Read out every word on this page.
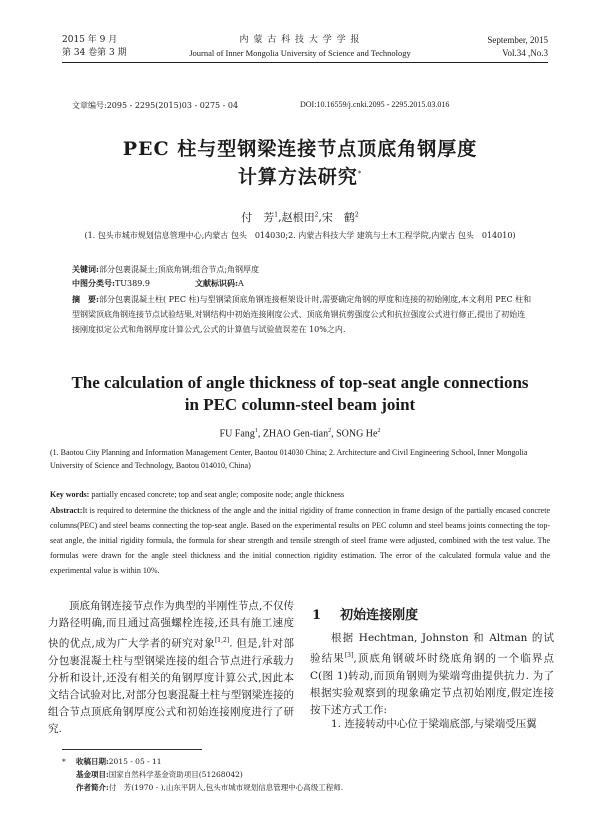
2015 年 9 月
第 34 卷第 3 期
内 蒙 古 科 技 大 学 学 报
Journal of Inner Mongolia University of Science and Technology
September, 2015
Vol.34 ,No.3
文章编号:2095 - 2295(2015)03 - 0275 - 04	DOI:10.16559/j.cnki.2095 - 2295.2015.03.016
PEC 柱与型钢梁连接节点顶底角钢厚度
计算方法研究*
付　芳$^1$,赵根田$^2$,宋　鹤$^2$
(1. 包头市城市规划信息管理中心,内蒙古 包头　014030;2. 内蒙古科技大学 建筑与土木工程学院,内蒙古 包头　014010)
关键词:部分包裹混凝土;顶底角钢;组合节点;角钢厚度
中图分类号:TU389.9	文献标识码:A
摘　要:部分包裹混凝土柱( PEC 柱)与型钢梁顶底角钢连接框架设计时,需要确定角钢的厚度和连接的初始刚度,本文利用 PEC 柱和型钢梁顶底角钢连接节点试验结果,对钢结构中初始连接刚度公式、顶底角钢抗剪强度公式和抗拉强度公式进行修正,提出了初始连接刚度拟定公式和角钢厚度计算公式,公式的计算值与试验值误差在 10%之内.
The calculation of angle thickness of top-seat angle connections
in PEC column-steel beam joint
FU Fang$^1$, ZHAO Gen-tian$^2$, SONG He$^2$
(1. Baotou City Planning and Information Management Center, Baotou 014030 China; 2. Architecture and Civil Engineering School, Inner Mongolia University of Science and Technology, Baotou 014010, China)
Key words: partially encased concrete; top and seat angle; composite node; angle thickness
Abstract:It is required to determine the thickness of the angle and the initial rigidity of frame connection in frame design of the partially encased concrete columns(PEC) and steel beams connecting the top-seat angle. Based on the experimental results on PEC column and steel beams joints connecting the top-seat angle, the initial rigidity formula, the formula for shear strength and tensile strength of steel frame were adjusted, combined with the test value. The formulas were drawn for the angle steel thickness and the initial connection rigidity estimation. The error of the calculated formula value and the experimental value is within 10%.
顶底角钢连接节点作为典型的半刚性节点,不仅传力路径明确,而且通过高强螺栓连接,还具有施工速度快的优点,成为广大学者的研究对象[1,2]. 但是,针对部分包裹混凝土柱与型钢梁连接的组合节点进行承载力分析和设计,还没有相关的角钢厚度计算公式,因此本文结合试验对比,对部分包裹混凝土柱与型钢梁连接的组合节点顶底角钢厚度公式和初始连接刚度进行了研究.
1 初始连接刚度
根据 Hechtman, Johnston 和 Altman 的试验结果[3],顶底角钢破坏时绕底角钢的一个临界点 C(图 1)转动,而顶角钢则为梁端弯曲提供抗力. 为了根据实验观察到的现象确定节点初始刚度,假定连接按下述方式工作:
1. 连接转动中心位于梁端底部,与梁端受压翼
* 收稿日期:2015 - 05 - 11
基金项目:国家自然科学基金资助项目(51268042)
作者简介:付　芳(1970 - ),山东平阴人,包头市城市规划信息管理中心高级工程师.
